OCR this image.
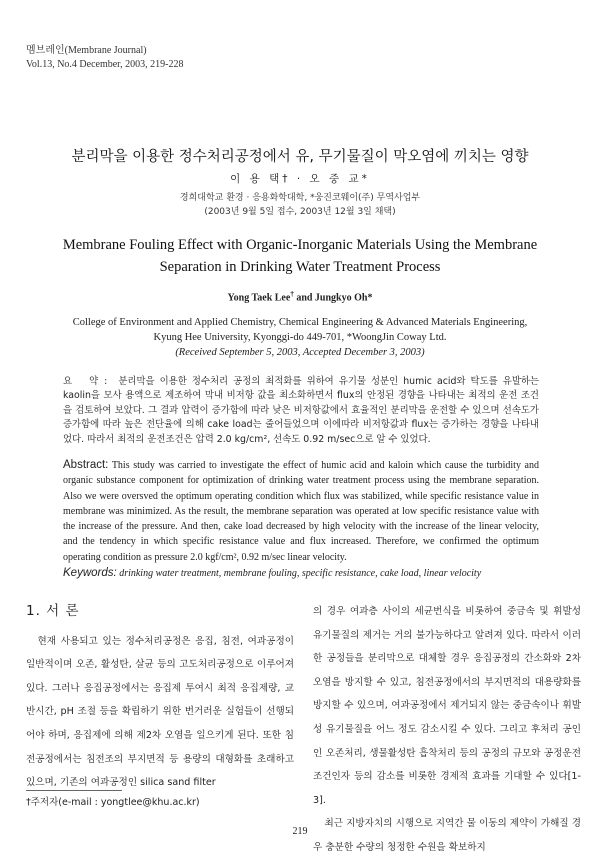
멤브레인(Membrane Journal)
Vol.13, No.4 December, 2003, 219-228
분리막을 이용한 정수처리공정에서 유, 무기물질이 막오염에 끼치는 영향
이 용 택† · 오 중 교*
경희대학교 환경 · 응용화학대학, *웅진코웨이(주) 무역사업부
(2003년 9월 5일 접수, 2003년 12월 3일 채택)
Membrane Fouling Effect with Organic-Inorganic Materials Using the Membrane Separation in Drinking Water Treatment Process
Yong Taek Lee† and Jungkyo Oh*
College of Environment and Applied Chemistry, Chemical Engineering & Advanced Materials Engineering,
Kyung Hee University, Kyonggi-do 449-701, *WoongJin Coway Ltd.
(Received September 5, 2003, Accepted December 3, 2003)
요 약: 분리막을 이용한 정수처리 공정의 최적화를 위하여 유기물 성분인 humic acid와 탁도를 유발하는 kaolin을 모사 용액으로 제조하여 막내 비저항 값을 최소화하면서 flux의 안정된 경향을 나타내는 최적의 운전 조건을 검토하여 보았다. 그 결과 압력이 증가함에 따라 낮은 비저항값에서 효율적인 분리막을 운전할 수 있으며 선속도가 증가함에 따라 높은 전단율에 의해 cake load는 줄어들었으며 이에따라 비저항값과 flux는 증가하는 경향을 나타내었다. 따라서 최적의 운전조건은 압력 2.0 kg/cm², 선속도 0.92 m/sec으로 알 수 있었다.
Abstract: This study was carried to investigate the effect of humic acid and kaloin which cause the turbidity and organic substance component for optimization of drinking water treatment process using the membrane separation. Also we were oversved the optimum operating condition which flux was stabilized, while specific resistance value in membrane was minimized. As the result, the membrane separation was operated at low specific resistance value with the increase of the pressure. And then, cake load decreased by high velocity with the increase of the linear velocity, and the tendency in which specific resistance value and flux increased. Therefore, we confirmed the optimum operating condition as pressure 2.0 kgf/cm², 0.92 m/sec linear velocity.
Keywords: drinking water treatment, membrane fouling, specific resistance, cake load, linear velocity
1. 서 론

현재 사용되고 있는 정수처리공정은 응집, 침전, 여과공정이 일반적이며 오존, 활성탄, 살균 등의 고도처리공정으로 이루어져 있다. 그러나 응집공정에서는 응집제 투여시 최적 응집제량, 교반시간, pH 조절 등을 확립하기 위한 번거러운 실험들이 선행되어야 하며, 응집제에 의해 제2차 오염을 일으키게 된다. 또한 침전공정에서는 침전조의 부지면적 등 용량의 대형화를 초래하고 있으며, 기존의 여과공정인 silica sand filter

의 경우 여과층 사이의 세균번식을 비롯하여 중금속 및 휘발성 유기물질의 제거는 거의 불가능하다고 알려져 있다. 따라서 이러한 공정들을 분리막으로 대체할 경우 응집공정의 간소화와 2차 오염을 방지할 수 있고, 침전공정에서의 부지면적의 대용량화를 방지할 수 있으며, 여과공정에서 제거되지 않는 중금속이나 휘발성 유기물질을 어느 정도 감소시킬 수 있다. 그리고 후처리 공인인 오존처리, 생물활성탄 흡착처리 등의 공정의 규모와 공정운전조건인자 등의 감소를 비롯한 경제적 효과를 기대할 수 있다[1-3].

최근 지방자치의 시행으로 지역간 물 이동의 제약이 가해질 경우 충분한 수량의 청정한 수원을 확보하지

†주저자(e-mail : yongtlee@khu.ac.kr)
219
